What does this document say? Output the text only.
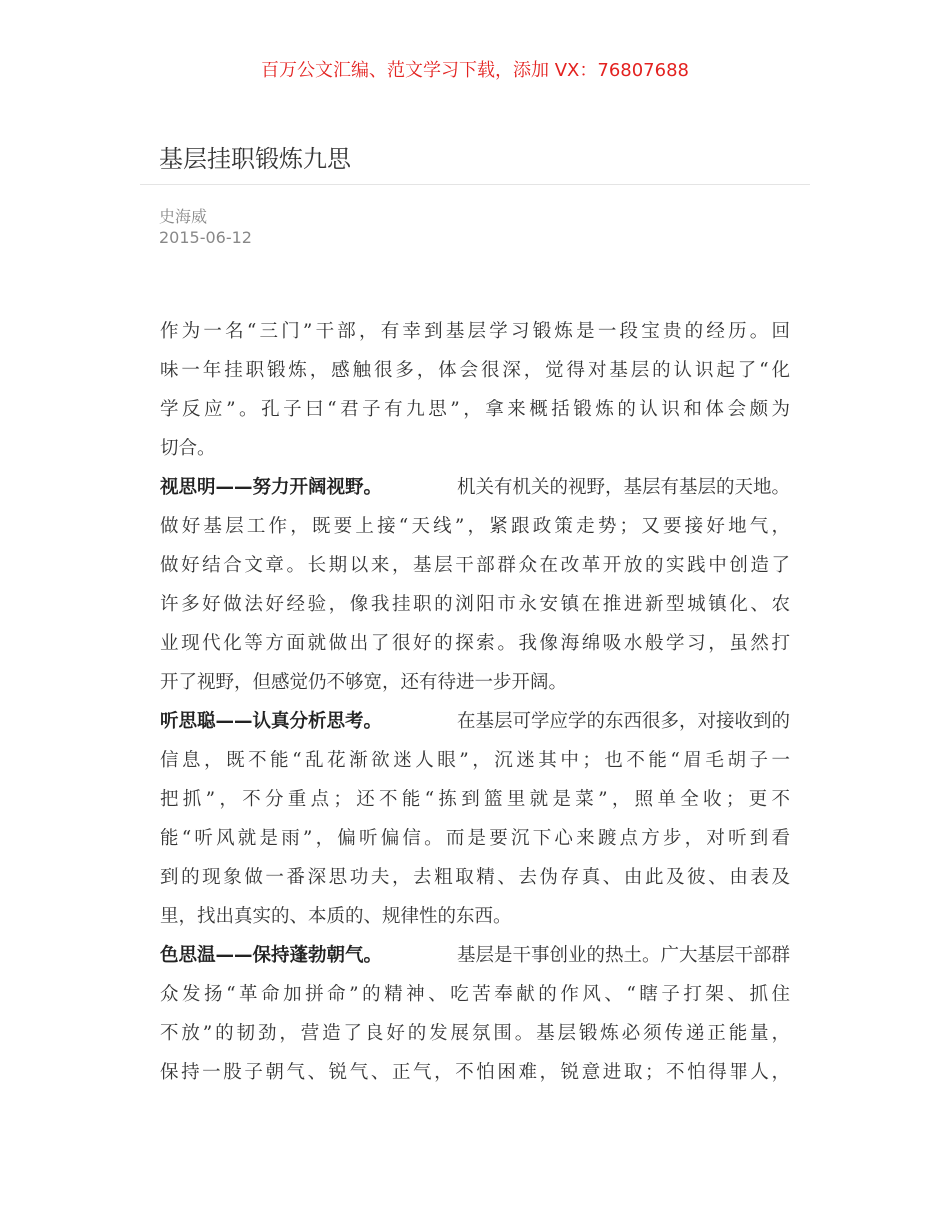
百万公文汇编、范文学习下载，添加 VX：76807688
基层挂职锻炼九思
史海威
2015-06-12
作为一名“三门”干部，有幸到基层学习锻炼是一段宝贵的经历。回
味一年挂职锻炼，感触很多，体会很深，觉得对基层的认识起了“化
学反应”。孔子曰“君子有九思”，拿来概括锻炼的认识和体会颇为
切合。
视思明——努力开阔视野。	机关有机关的视野，基层有基层的天地。
做好基层工作，既要上接“天线”，紧跟政策走势；又要接好地气，
做好结合文章。长期以来，基层干部群众在改革开放的实践中创造了
许多好做法好经验，像我挂职的浏阳市永安镇在推进新型城镇化、农
业现代化等方面就做出了很好的探索。我像海绵吸水般学习，虽然打
开了视野，但感觉仍不够宽，还有待进一步开阔。
听思聪——认真分析思考。	在基层可学应学的东西很多，对接收到的
信息，既不能“乱花渐欲迷人眼”，沉迷其中；也不能“眉毛胡子一
把抓”，不分重点；还不能“拣到篮里就是菜”，照单全收；更不
能“听风就是雨”，偏听偏信。而是要沉下心来踱点方步，对听到看
到的现象做一番深思功夫，去粗取精、去伪存真、由此及彼、由表及
里，找出真实的、本质的、规律性的东西。
色思温——保持蓬勃朝气。	基层是干事创业的热土。广大基层干部群
众发扬“革命加拼命”的精神、吃苦奉献的作风、“瞎子打架、抓住
不放”的韧劲，营造了良好的发展氛围。基层锻炼必须传递正能量，
保持一股子朝气、锐气、正气，不怕困难，锐意进取；不怕得罪人，
